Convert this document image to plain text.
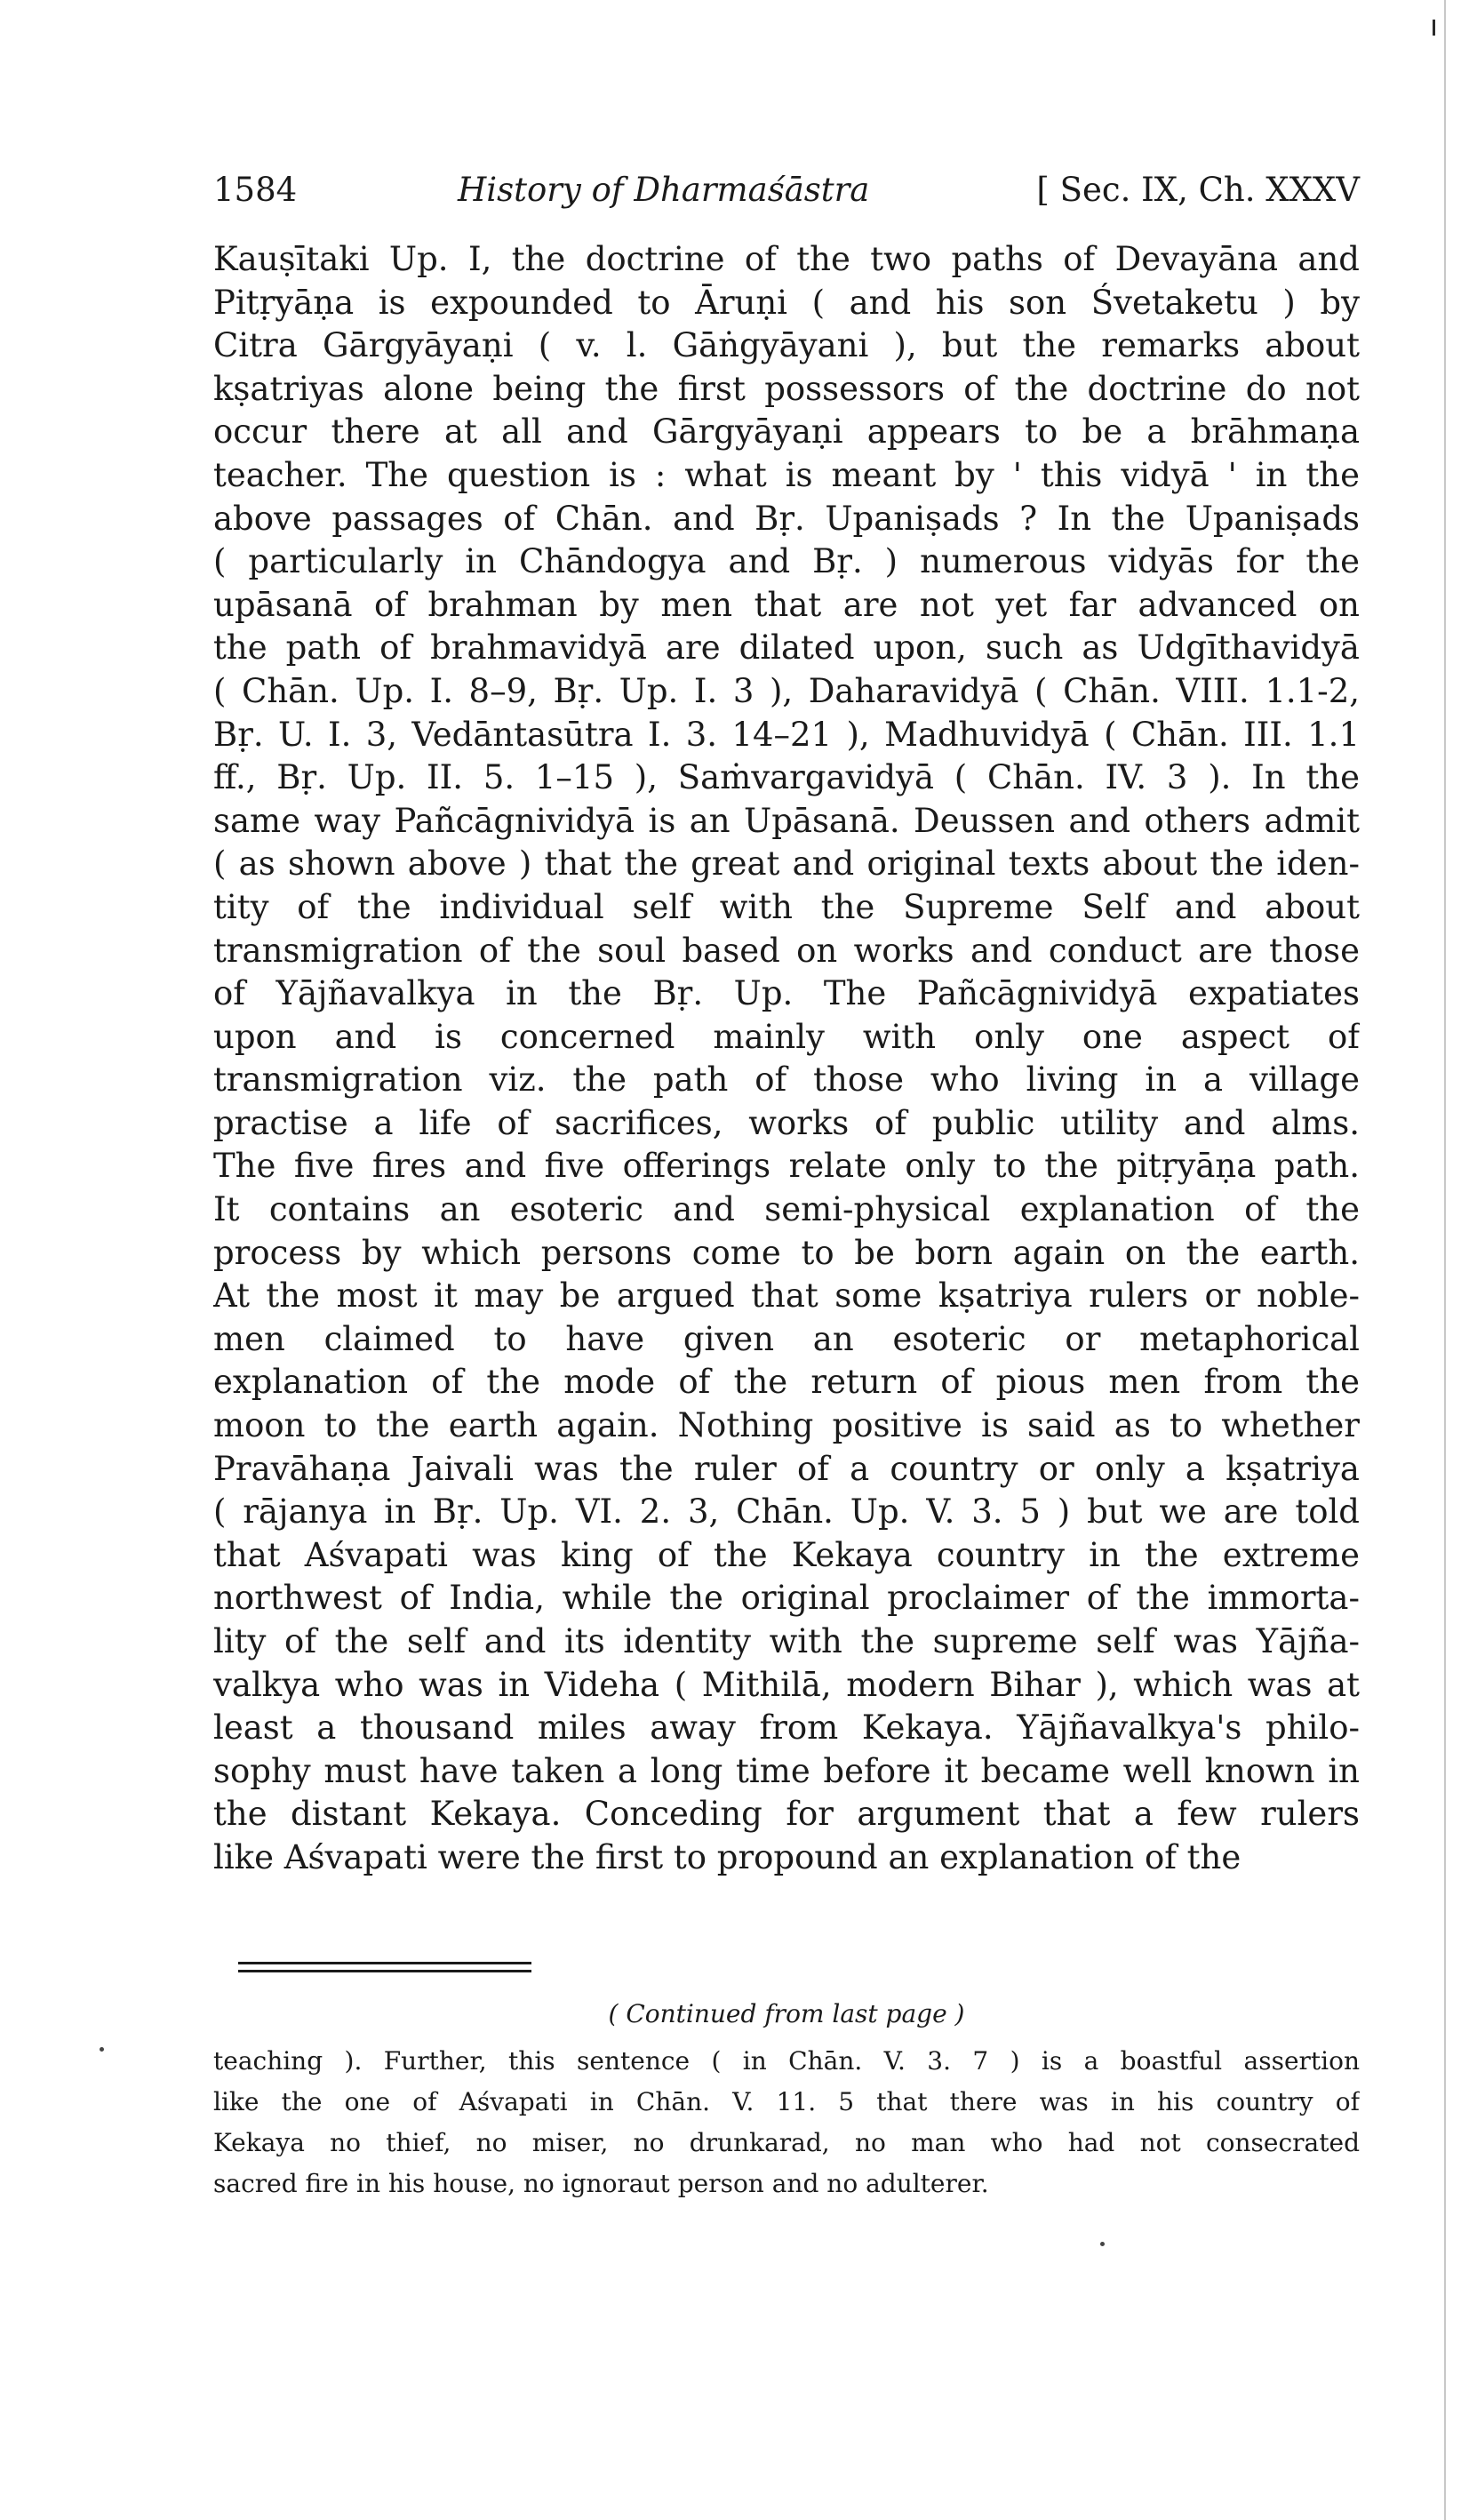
1584	History of Dharmaśāstra	[ Sec. IX, Ch. XXXV
Kauṣītaki Up. I, the doctrine of the two paths of Devayāna and
Pitṛyāṇa is expounded to Āruṇi ( and his son Śvetaketu ) by
Citra Gārgyāyaṇi ( v. l. Gāṅgyāyani ), but the remarks about
kṣatriyas alone being the first possessors of the doctrine do not
occur there at all and Gārgyāyaṇi appears to be a brāhmaṇa
teacher. The question is : what is meant by ' this vidyā ' in the
above passages of Chān. and Bṛ. Upaniṣads ? In the Upaniṣads
( particularly in Chāndogya and Bṛ. ) numerous vidyās for the
upāsanā of brahman by men that are not yet far advanced on
the path of brahmavidyā are dilated upon, such as Udgīthavidyā
( Chān. Up. I. 8–9, Bṛ. Up. I. 3 ), Daharavidyā ( Chān. VIII. 1.1-2,
Bṛ. U. I. 3, Vedāntasūtra I. 3. 14–21 ), Madhuvidyā ( Chān. III. 1.1
ff., Bṛ. Up. II. 5. 1–15 ), Saṁvargavidyā ( Chān. IV. 3 ). In the
same way Pañcāgnividyā is an Upāsanā. Deussen and others admit
( as shown above ) that the great and original texts about the iden-
tity of the individual self with the Supreme Self and about
transmigration of the soul based on works and conduct are those
of Yājñavalkya in the Bṛ. Up. The Pañcāgnividyā expatiates
upon and is concerned mainly with only one aspect of
transmigration viz. the path of those who living in a village
practise a life of sacrifices, works of public utility and alms.
The five fires and five offerings relate only to the pitṛyāṇa path.
It contains an esoteric and semi-physical explanation of the
process by which persons come to be born again on the earth.
At the most it may be argued that some kṣatriya rulers or noble-
men claimed to have given an esoteric or metaphorical
explanation of the mode of the return of pious men from the
moon to the earth again. Nothing positive is said as to whether
Pravāhaṇa Jaivali was the ruler of a country or only a kṣatriya
( rājanya in Bṛ. Up. VI. 2. 3, Chān. Up. V. 3. 5 ) but we are told
that Aśvapati was king of the Kekaya country in the extreme
northwest of India, while the original proclaimer of the immorta-
lity of the self and its identity with the supreme self was Yājña-
valkya who was in Videha ( Mithilā, modern Bihar ), which was at
least a thousand miles away from Kekaya. Yājñavalkya's philo-
sophy must have taken a long time before it became well known in
the distant Kekaya. Conceding for argument that a few rulers
like Aśvapati were the first to propound an explanation of the
( Continued from last page )
teaching ). Further, this sentence ( in Chān. V. 3. 7 ) is a boastful assertion
like the one of Aśvapati in Chān. V. 11. 5 that there was in his country of
Kekaya no thief, no miser, no drunkarad, no man who had not consecrated
sacred fire in his house, no ignoraut person and no adulterer.
